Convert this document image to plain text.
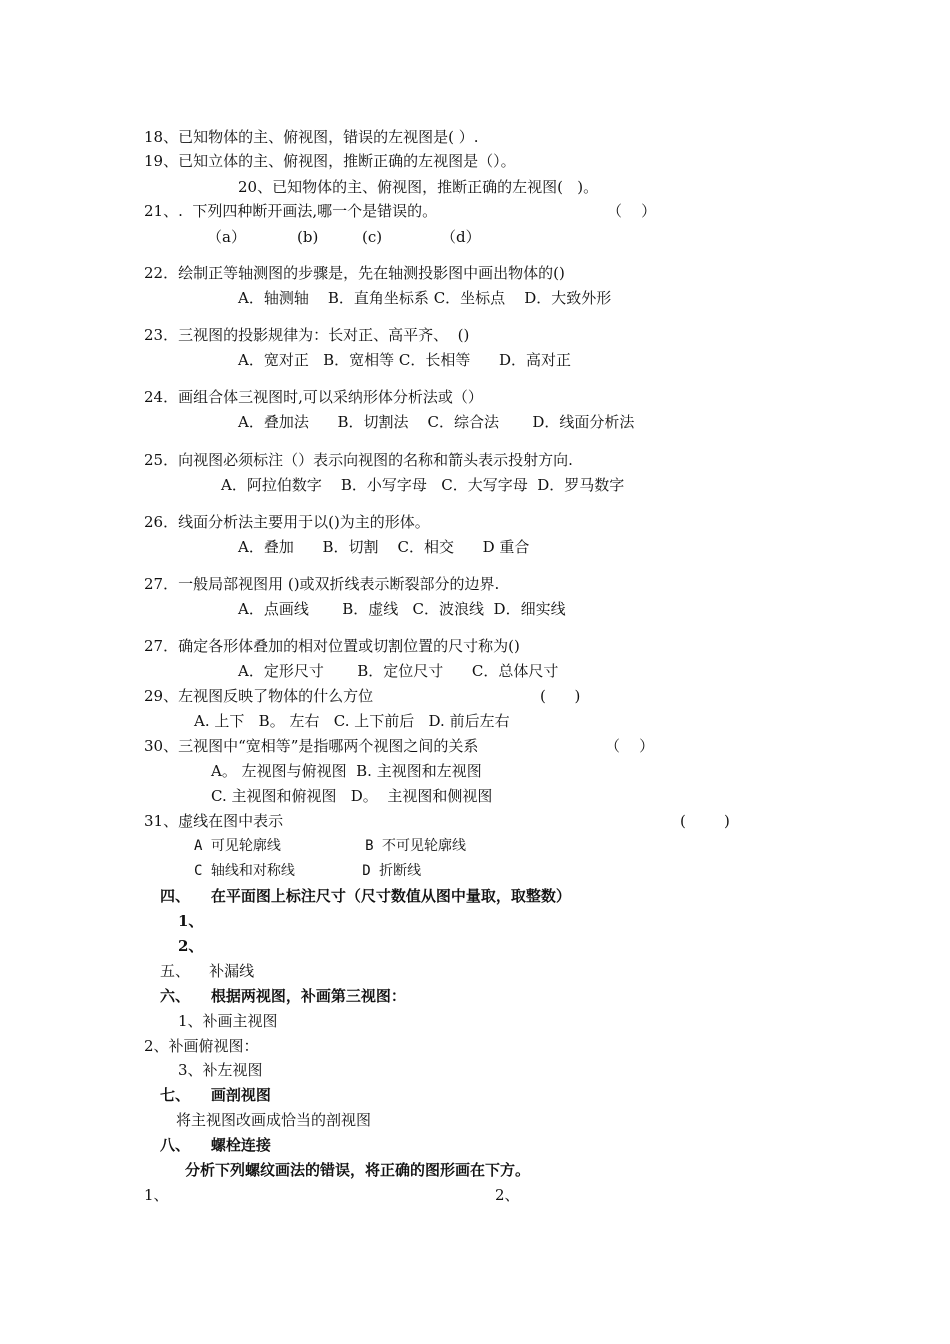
18、已知物体的主、俯视图，错误的左视图是( ）.
19、已知立体的主、俯视图，推断正确的左视图是（）。
20、已知物体的主、俯视图，推断正确的左视图(   )。
21、.  下列四种断开画法,哪一个是错误的。	（    ）
（a）	(b)	(c)	（d）
22．绘制正等轴测图的步骤是，先在轴测投影图中画出物体的()
A．轴测轴    B．直角坐标系 C．坐标点    D．大致外形
23．三视图的投影规律为：长对正、高平齐、  ()
A．宽对正   B．宽相等 C．长相等      D．高对正
24．画组合体三视图时,可以采纳形体分析法或（）
A．叠加法      B．切割法    C．综合法       D．线面分析法
25．向视图必须标注（）表示向视图的名称和箭头表示投射方向.
A．阿拉伯数字    B．小写字母   C．大写字母  D．罗马数字
26．线面分析法主要用于以()为主的形体。
A．叠加      B．切割    C．相交      D 重合
27．一般局部视图用 ()或双折线表示断裂部分的边界.
A．点画线       B．虚线   C．波浪线  D．细实线
27．确定各形体叠加的相对位置或切割位置的尺寸称为()
A．定形尺寸       B．定位尺寸      C．总体尺寸
29、左视图反映了物体的什么方位	(      )
A. 上下   B。 左右   C. 上下前后   D. 前后左右
30、三视图中“宽相等”是指哪两个视图之间的关系	（    ）
A。 左视图与俯视图  B. 主视图和左视图
C. 主视图和俯视图   D。  主视图和侧视图
31、虚线在图中表示	(        )
A 可见轮廓线          B 不可见轮廓线
C 轴线和对称线        D 折断线
四、    在平面图上标注尺寸（尺寸数值从图中量取，取整数）
1、
2、
五、    补漏线
六、    根据两视图，补画第三视图：
1、补画主视图
2、补画俯视图：
3、补左视图
七、    画剖视图
将主视图改画成恰当的剖视图
八、    螺栓连接
分析下列螺纹画法的错误，将正确的图形画在下方。
1、	2、
